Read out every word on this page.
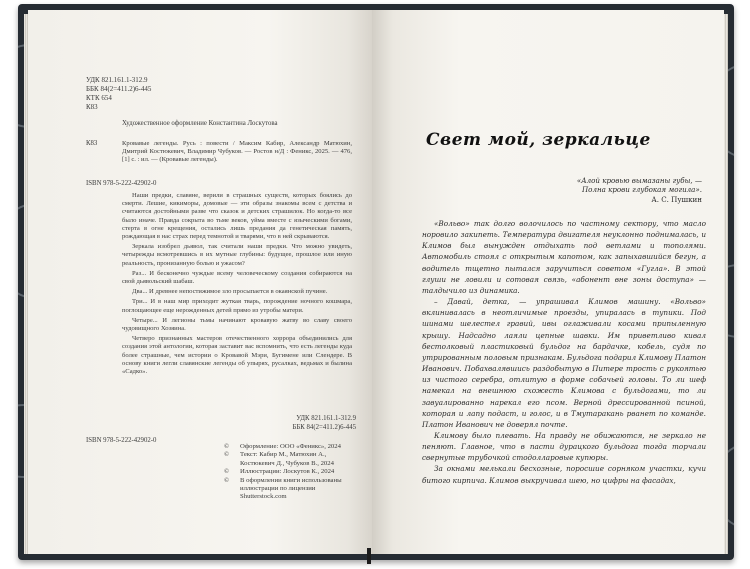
УДК 821.161.1-312.9
ББК 84(2=411.2)6-445
КТК 654
К83
Художественное оформление Константина Лоскутова
К83	Кровавые легенды. Русь : повести / Максим Кабир, Александр Матюхин, Дмитрий Костюкевич, Владимир Чубуков. — Ростов н/Д : Феникс, 2025. — 476, [1] с. : ил. — (Кровавые легенды).
ISBN 978-5-222-42902-0

Наши предки, славяне, верили в страшных существ, которых боялись до смерти. Лешие, кикиморы, домовые — эти образы знакомы всем с детства и считаются достойными разве что сказок и детских страшилок. Но когда-то все было иначе. Правда сокрыта во тьме веков, уйма вместе с языческими богами, стерта в огне крещения, остались лишь предания да генетическая память, рождающая в нас страх перед темнотой и тварями, что в ней скрываются.

Зеркала изобрел дьявол, так считали наши предки. Что можно увидеть, четырежды всмотревшись в их мутные глубины: будущее, прошлое или иную реальность, пронизанную болью и ужасом?

Раз... И бесконечно чуждые всему человеческому создания собираются на свой дьявольский шабаш.

Два... И древнее непостижимое зло просыпается в окаянской пучине.

Три... И в наш мир приходит жуткая тварь, порождение ночного кошмара, поглощающее еще нерожденных детей прямо из утробы матери.

Четыре... И легионы тьмы начинают кровавую жатву во славу своего чудовищного Хозяина.

Четверо признанных мастеров отечественного хоррора объединились для создания этой антологии, которая заставит вас вспомнить, что есть легенды куда более страшные, чем истории о Кровавой Мэри, Бугимене или Слендере. В основу книги легли славянские легенды об упырях, русалках, ведьмах и былина «Садко».

УДК 821.161.1-312.9
ББК 84(2=411.2)6-445
ISBN 978-5-222-42902-0
©	Оформление: ООО «Феникс», 2024
©	Текст: Кабир М., Матюхин А., Костюкевич Д., Чубуков В., 2024
©	Иллюстрации: Лоскутов К., 2024
©	В оформлении книги использованы иллюстрации по лицензии Shutterstock.com
Свет мой, зеркальце
«Алой кровью вымазаны губы, —
Полна крови глубокая могила».
А. С. Пушкин

«Вольво» так долго волочилось по частному сектору, что масло норовило закипеть. Температура двигателя неуклонно поднималась, и Климов был вынужден отдыхать под ветлами и тополями. Автомобиль стоял с открытым капотом, как запыхавшийся бегун, а водитель тщетно пытался заручиться советом «Гугла». В этой глуши не ловили и сотовая связь, «абонент вне зоны доступа» — талдычило из динамика.

– Давай, детка, — упрашивал Климов машину. «Вольво» вклинивалась в неотличимые проезды, упиралась в тупики. Под шинами шелестел гравий, ивы оглаживали косами припыленную крышу. Надсадно лаяли цепные шавки. Им приветливо кивал бестолковый пластиковый бульдог на бардачке, кобель, судя по утрированным половым признакам. Бульдога подарил Климову Платон Иванович. Побахвалявшись раздобытую в Питере трость с рукоятью из чистого серебра, отлитую в форме собачьей головы. То ли шеф намекал на внешнюю схожесть Климова с бульдогами, то ли завуалированно нарекал его псом. Верной дрессированной псиной, которая и лапу подаст, и голос, и в Тмутаракань рванет по команде. Платон Иванович не доверял почте.

Климову было плевать. На правду не обижаются, не зеркало не пеняют. Главное, что в пасти дурацкого бульдога тогда торчали свернутые трубочкой стодолларовые купюры.

За окнами мелькали бесхозные, поросшие сорняком участки, кучи битого кирпича. Климов выкручивал шею, но цифры на фасадах,
